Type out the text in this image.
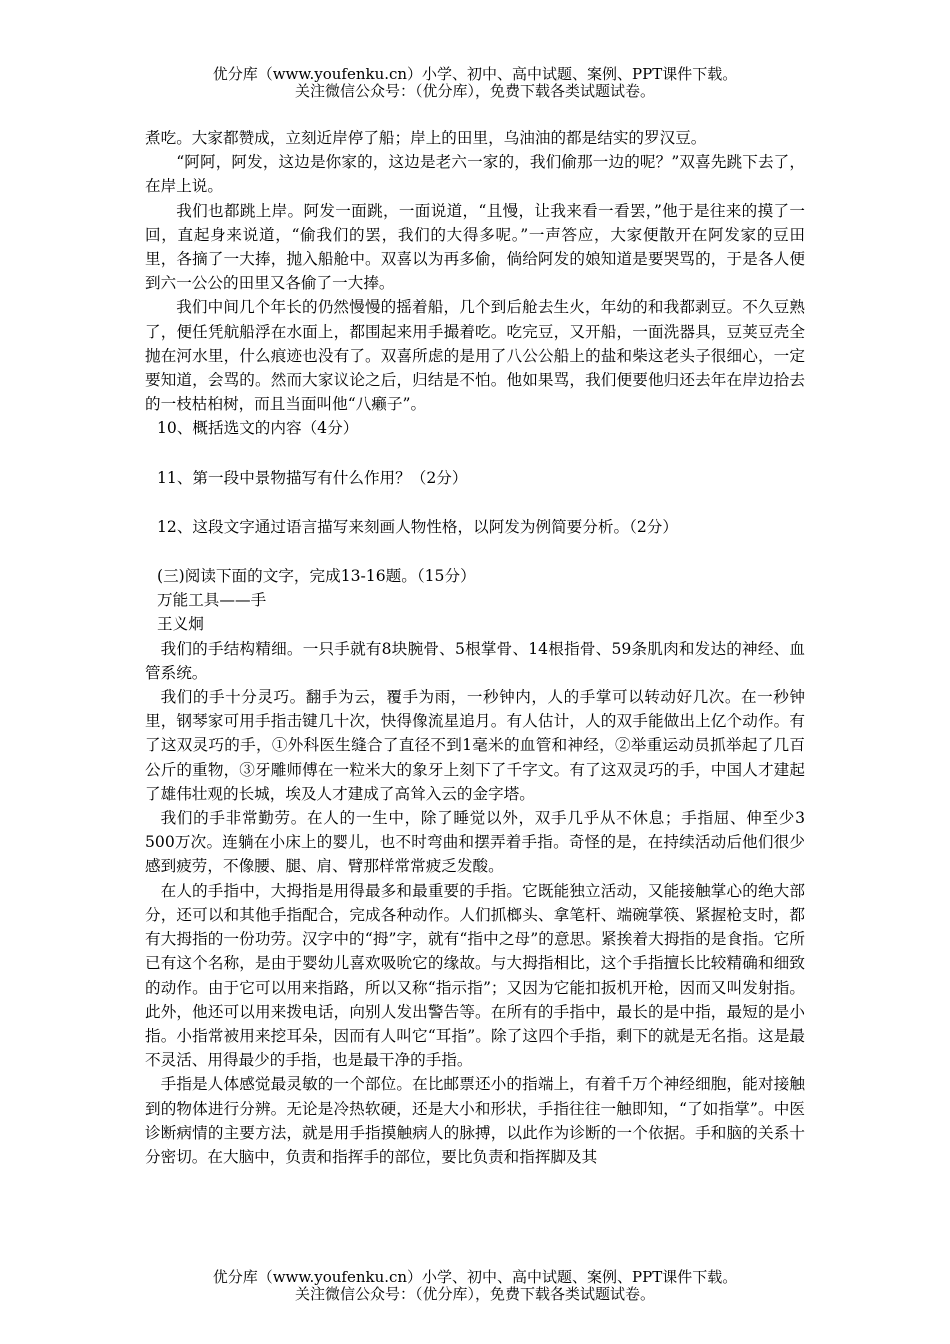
优分库（www.youfenku.cn）小学、初中、高中试题、案例、PPT课件下载。
关注微信公众号：（优分库），免费下载各类试题试卷。

煮吃。大家都赞成，立刻近岸停了船；岸上的田里，乌油油的都是结实的罗汉豆。

“阿阿，阿发，这边是你家的，这边是老六一家的，我们偷那一边的呢？”双喜先跳下去了，在岸上说。

我们也都跳上岸。阿发一面跳，一面说道，“且慢，让我来看一看罢，”他于是往来的摸了一回，直起身来说道，“偷我们的罢，我们的大得多呢。”一声答应，大家便散开在阿发家的豆田里，各摘了一大捧，抛入船舱中。双喜以为再多偷，倘给阿发的娘知道是要哭骂的，于是各人便到六一公公的田里又各偷了一大捧。

我们中间几个年长的仍然慢慢的摇着船，几个到后舱去生火，年幼的和我都剥豆。不久豆熟了，便任凭航船浮在水面上，都围起来用手撮着吃。吃完豆，又开船，一面洗器具，豆荚豆壳全抛在河水里，什么痕迹也没有了。双喜所虑的是用了八公公船上的盐和柴这老头子很细心，一定要知道，会骂的。然而大家议论之后，归结是不怕。他如果骂，我们便要他归还去年在岸边拾去的一枝枯桕树，而且当面叫他“八癞子”。

10、概括选文的内容（4分）

11、第一段中景物描写有什么作用？（2分）

12、这段文字通过语言描写来刻画人物性格，以阿发为例简要分析。（2分）

(三)阅读下面的文字，完成13-16题。（15分）

万能工具——手

王义炯

我们的手结构精细。一只手就有8块腕骨、5根掌骨、14根指骨、59条肌肉和发达的神经、血管系统。

我们的手十分灵巧。翻手为云，覆手为雨，一秒钟内，人的手掌可以转动好几次。在一秒钟里，钢琴家可用手指击键几十次，快得像流星追月。有人估计，人的双手能做出上亿个动作。有了这双灵巧的手，①外科医生缝合了直径不到1毫米的血管和神经，②举重运动员抓举起了几百公斤的重物，③牙雕师傅在一粒米大的象牙上刻下了千字文。有了这双灵巧的手，中国人才建起了雄伟壮观的长城，埃及人才建成了高耸入云的金字塔。

我们的手非常勤劳。在人的一生中，除了睡觉以外，双手几乎从不休息；手指屈、伸至少3 500万次。连躺在小床上的婴儿，也不时弯曲和摆弄着手指。奇怪的是，在持续活动后他们很少感到疲劳，不像腰、腿、肩、臂那样常常疲乏发酸。

在人的手指中，大拇指是用得最多和最重要的手指。它既能独立活动，又能接触掌心的绝大部分，还可以和其他手指配合，完成各种动作。人们抓榔头、拿笔杆、端碗掌筷、紧握枪支时，都有大拇指的一份功劳。汉字中的“拇”字，就有“指中之母”的意思。紧挨着大拇指的是食指。它所已有这个名称，是由于婴幼儿喜欢吸吮它的缘故。与大拇指相比，这个手指擅长比较精确和细致的动作。由于它可以用来指路，所以又称“指示指”；又因为它能扣扳机开枪，因而又叫发射指。此外，他还可以用来拨电话，向别人发出警告等。在所有的手指中，最长的是中指，最短的是小指。小指常被用来挖耳朵，因而有人叫它“耳指”。除了这四个手指，剩下的就是无名指。这是最不灵活、用得最少的手指，也是最干净的手指。

手指是人体感觉最灵敏的一个部位。在比邮票还小的指端上，有着千万个神经细胞，能对接触到的物体进行分辨。无论是冷热软硬，还是大小和形状，手指往往一触即知，“了如指掌”。中医诊断病情的主要方法，就是用手指摸触病人的脉搏，以此作为诊断的一个依据。手和脑的关系十分密切。在大脑中，负责和指挥手的部位，要比负责和指挥脚及其

优分库（www.youfenku.cn）小学、初中、高中试题、案例、PPT课件下载。
关注微信公众号：（优分库），免费下载各类试题试卷。
